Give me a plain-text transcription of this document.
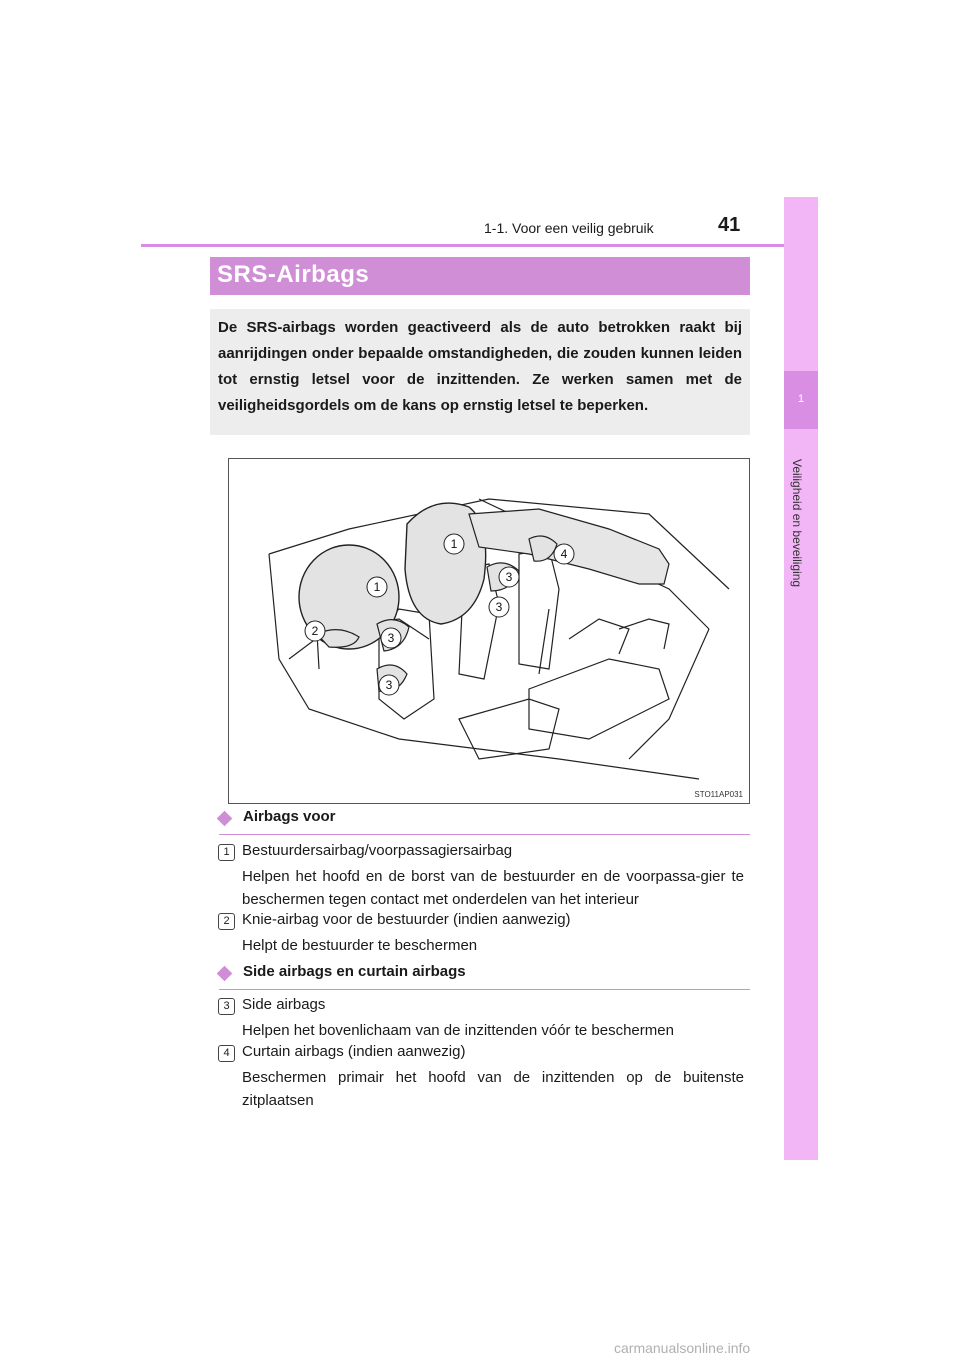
1-1. Voor een veilig gebruik	41
1
Veiligheid en beveiliging
SRS-Airbags

De SRS-airbags worden geactiveerd als de auto betrokken raakt bij aanrijdingen onder bepaalde omstandigheden, die zouden kunnen leiden tot ernstig letsel voor de inzittenden. Ze werken samen met de veiligheidsgordels om de kans op ernstig letsel te beperken.

1
1
2	3
3
3
3
4
STO11AP031
Airbags voor
1 Bestuurdersairbag/voorpassagiersairbag

Helpen het hoofd en de borst van de bestuurder en de voorpassa-gier te beschermen tegen contact met onderdelen van het interieur

2 Knie-airbag voor de bestuurder (indien aanwezig)

Helpt de bestuurder te beschermen

Side airbags en curtain airbags
3 Side airbags

Helpen het bovenlichaam van de inzittenden vóór te beschermen

4 Curtain airbags (indien aanwezig)

Beschermen primair het hoofd van de inzittenden op de buitenste zitplaatsen

carmanualsonline.info
